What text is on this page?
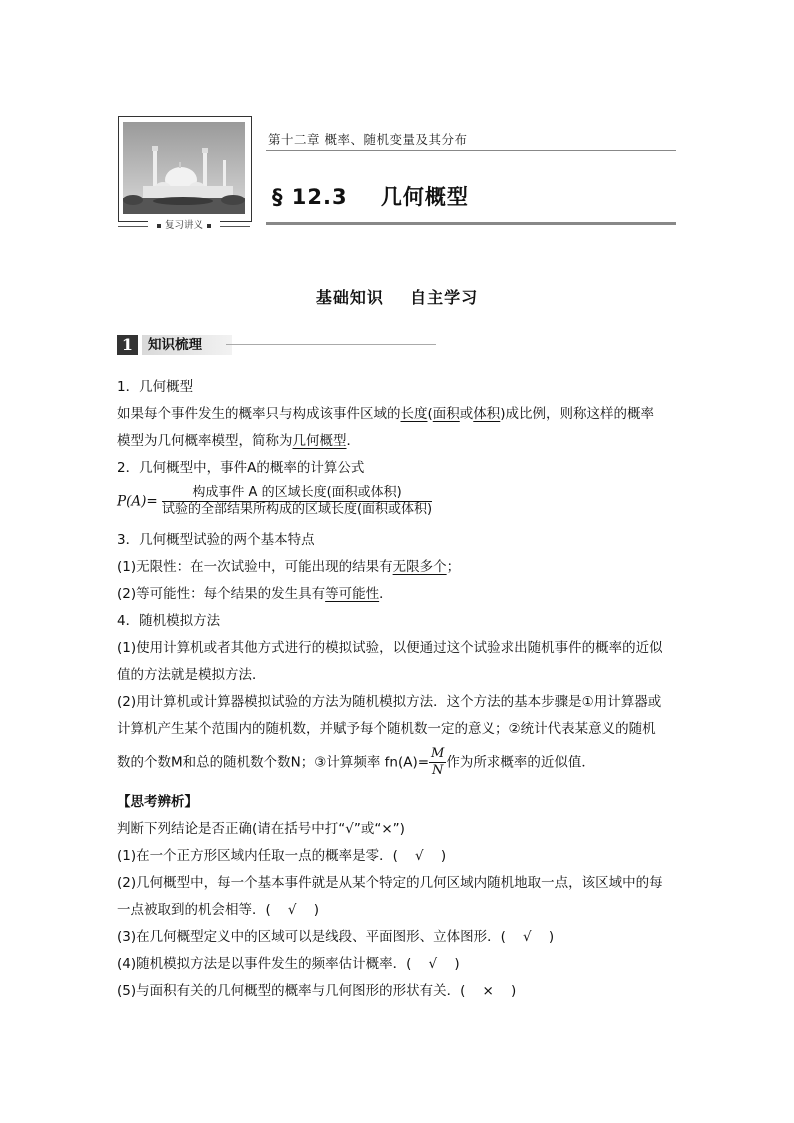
复习讲义
第十二章 概率、随机变量及其分布
§ 12.3    几何概型
基础知识    自主学习
1	知识梳理
1．几何概型
如果每个事件发生的概率只与构成该事件区域的长度(面积或体积)成比例，则称这样的概率
模型为几何概率模型，简称为几何概型．
2．几何概型中，事件A的概率的计算公式
$P(A)= \frac{\text{构成事件 A 的区域长度(面积或体积)}}{\text{试验的全部结果所构成的区域长度(面积或体积)}}$
3．几何概型试验的两个基本特点
(1)无限性：在一次试验中，可能出现的结果有无限多个；
(2)等可能性：每个结果的发生具有等可能性．
4．随机模拟方法
(1)使用计算机或者其他方式进行的模拟试验，以便通过这个试验求出随机事件的概率的近似
值的方法就是模拟方法．
(2)用计算机或计算器模拟试验的方法为随机模拟方法．这个方法的基本步骤是①用计算器或
计算机产生某个范围内的随机数，并赋予每个随机数一定的意义；②统计代表某意义的随机
数的个数M和总的随机数个数N；③计算频率 $fn(A)= \frac{M}{N}$ 作为所求概率的近似值．
【思考辨析】
判断下列结论是否正确(请在括号中打“√”或“×”)
(1)在一个正方形区域内任取一点的概率是零．(    √    )
(2)几何概型中，每一个基本事件就是从某个特定的几何区域内随机地取一点，该区域中的每
一点被取到的机会相等．(    √    )
(3)在几何概型定义中的区域可以是线段、平面图形、立体图形．(    √    )
(4)随机模拟方法是以事件发生的频率估计概率．(    √    )
(5)与面积有关的几何概型的概率与几何图形的形状有关．(    ×    )
